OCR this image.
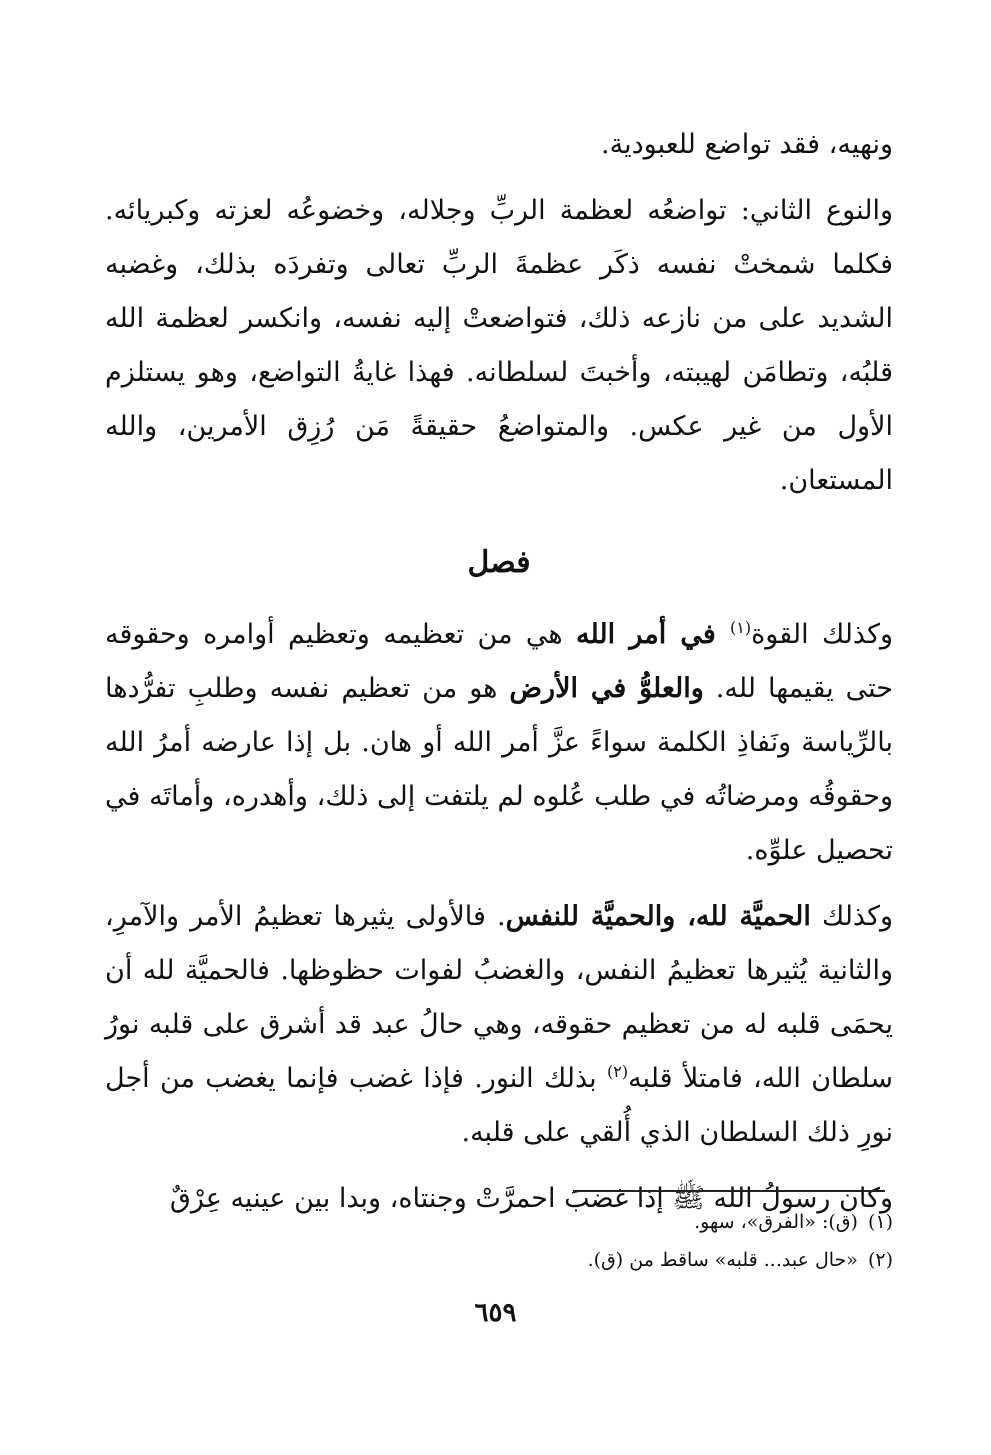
ونهيه، فقد تواضع للعبودية.

والنوع الثاني: تواضعُه لعظمة الربِّ وجلاله، وخضوعُه لعزته وكبريائه. فكلما شمختْ نفسه ذكَر عظمةَ الربِّ تعالى وتفردَه بذلك، وغضبه الشديد على من نازعه ذلك، فتواضعتْ إليه نفسه، وانكسر لعظمة الله قلبُه، وتطامَن لهيبته، وأخبتَ لسلطانه. فهذا غايةُ التواضع، وهو يستلزم الأول من غير عكس. والمتواضعُ حقيقةً مَن رُزِق الأمرين، والله المستعان.

فصل

وكذلك القوة$^{(١)}$ في أمر الله هي من تعظيمه وتعظيم أوامره وحقوقه حتى يقيمها لله. والعلوُّ في الأرض هو من تعظيم نفسه وطلبِ تفرُّدها بالرِّياسة ونَفاذِ الكلمة سواءً عزَّ أمر الله أو هان. بل إذا عارضه أمرُ الله وحقوقُه ومرضاتُه في طلب عُلوه لم يلتفت إلى ذلك، وأهدره، وأماتَه في تحصيل علوِّه.

وكذلك الحميَّة لله، والحميَّة للنفس. فالأولى يثيرها تعظيمُ الأمر والآمرِ، والثانية يُثيرها تعظيمُ النفس، والغضبُ لفوات حظوظها. فالحميَّة لله أن يحمَى قلبه له من تعظيم حقوقه، وهي حالُ عبد قد أشرق على قلبه نورُ سلطان الله، فامتلأ قلبه$^{(٢)}$ بذلك النور. فإذا غضب فإنما يغضب من أجل نورِ ذلك السلطان الذي أُلقي على قلبه.

وكان رسولُ الله ﷺ إذا غضبَ احمرَّتْ وجنتاه، وبدا بين عينيه عِرْقٌ

(١)(ق): «الفرق»، سهو.
(٢)«حال عبد... قلبه» ساقط من (ق).
٦٥٩
